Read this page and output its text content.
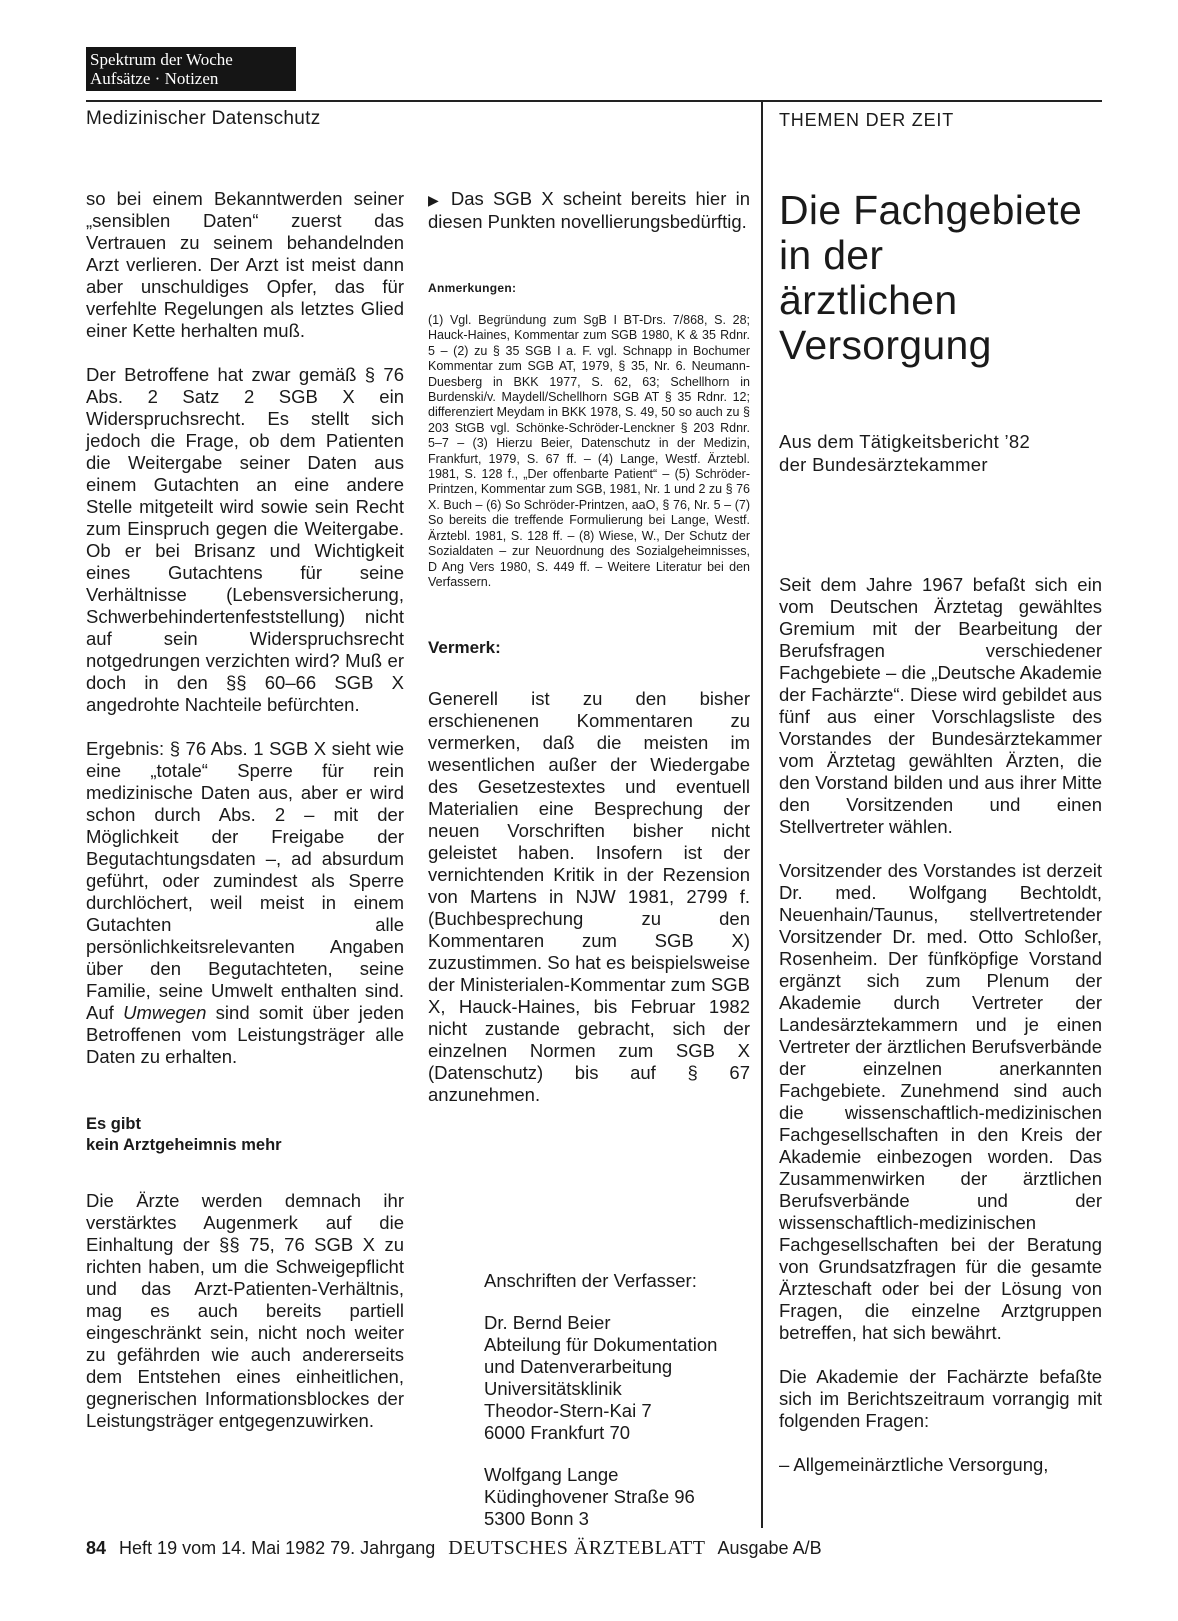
Spektrum der Woche
Aufsätze · Notizen
Medizinischer Datenschutz	THEMEN DER ZEIT

so bei einem Bekanntwerden seiner „sensiblen Daten“ zuerst das Vertrauen zu seinem behandelnden Arzt verlieren. Der Arzt ist meist dann aber unschuldiges Opfer, das für verfehlte Regelungen als letztes Glied einer Kette herhalten muß.

Der Betroffene hat zwar gemäß § 76 Abs. 2 Satz 2 SGB X ein Widerspruchsrecht. Es stellt sich jedoch die Frage, ob dem Patienten die Weitergabe seiner Daten aus einem Gutachten an eine andere Stelle mitgeteilt wird sowie sein Recht zum Einspruch gegen die Weitergabe. Ob er bei Brisanz und Wichtigkeit eines Gutachtens für seine Verhältnisse (Lebensversicherung, Schwerbehindertenfeststellung) nicht auf sein Widerspruchsrecht notgedrungen verzichten wird? Muß er doch in den §§ 60–66 SGB X angedrohte Nachteile befürchten.

Ergebnis: § 76 Abs. 1 SGB X sieht wie eine „totale“ Sperre für rein medizinische Daten aus, aber er wird schon durch Abs. 2 – mit der Möglichkeit der Freigabe der Begutachtungsdaten –, ad absurdum geführt, oder zumindest als Sperre durchlöchert, weil meist in einem Gutachten alle persönlichkeitsrelevanten Angaben über den Begutachteten, seine Familie, seine Umwelt enthalten sind. Auf Umwegen sind somit über jeden Betroffenen vom Leistungsträger alle Daten zu erhalten.

Es gibt
kein Arztgeheimnis mehr

Die Ärzte werden demnach ihr verstärktes Augenmerk auf die Einhaltung der §§ 75, 76 SGB X zu richten haben, um die Schweigepflicht und das Arzt-Patienten-Verhältnis, mag es auch bereits partiell eingeschränkt sein, nicht noch weiter zu gefährden wie auch andererseits dem Entstehen eines einheitlichen, gegnerischen Informationsblockes der Leistungsträger entgegenzuwirken.

▶ Das SGB X scheint bereits hier in diesen Punkten novellierungsbedürftig.

Anmerkungen:

(1) Vgl. Begründung zum SgB I BT-Drs. 7/868, S. 28; Hauck-Haines, Kommentar zum SGB 1980, K & 35 Rdnr. 5 – (2) zu § 35 SGB I a. F. vgl. Schnapp in Bochumer Kommentar zum SGB AT, 1979, § 35, Nr. 6. Neumann-Duesberg in BKK 1977, S. 62, 63; Schellhorn in Burdenski/v. Maydell/Schellhorn SGB AT § 35 Rdnr. 12; differenziert Meydam in BKK 1978, S. 49, 50 so auch zu § 203 StGB vgl. Schönke-Schröder-Lenckner § 203 Rdnr. 5–7 – (3) Hierzu Beier, Datenschutz in der Medizin, Frankfurt, 1979, S. 67 ff. – (4) Lange, Westf. Ärztebl. 1981, S. 128 f., „Der offenbarte Patient“ – (5) Schröder-Printzen, Kommentar zum SGB, 1981, Nr. 1 und 2 zu § 76 X. Buch – (6) So Schröder-Printzen, aaO, § 76, Nr. 5 – (7) So bereits die treffende Formulierung bei Lange, Westf. Ärztebl. 1981, S. 128 ff. – (8) Wiese, W., Der Schutz der Sozialdaten – zur Neuordnung des Sozialgeheimnisses, D Ang Vers 1980, S. 449 ff. – Weitere Literatur bei den Verfassern.

Vermerk:

Generell ist zu den bisher erschienenen Kommentaren zu vermerken, daß die meisten im wesentlichen außer der Wiedergabe des Gesetzestextes und eventuell Materialien eine Besprechung der neuen Vorschriften bisher nicht geleistet haben. Insofern ist der vernichtenden Kritik in der Rezension von Martens in NJW 1981, 2799 f. (Buchbesprechung zu den Kommentaren zum SGB X) zuzustimmen. So hat es beispielsweise der Ministerialen-Kommentar zum SGB X, Hauck-Haines, bis Februar 1982 nicht zustande gebracht, sich der einzelnen Normen zum SGB X (Datenschutz) bis auf § 67 anzunehmen.

Anschriften der Verfasser:

Dr. Bernd Beier

Abteilung für Dokumentation

und Datenverarbeitung

Universitätsklinik

Theodor-Stern-Kai 7

6000 Frankfurt 70

Wolfgang Lange

Küdinghovener Straße 96

5300 Bonn 3

Die Fachgebiete
in der
ärztlichen
Versorgung
Aus dem Tätigkeitsbericht ’82
der Bundesärztekammer

Seit dem Jahre 1967 befaßt sich ein vom Deutschen Ärztetag gewähltes Gremium mit der Bearbeitung der Berufsfragen verschiedener Fachgebiete – die „Deutsche Akademie der Fachärzte“. Diese wird gebildet aus fünf aus einer Vorschlagsliste des Vorstandes der Bundesärztekammer vom Ärztetag gewählten Ärzten, die den Vorstand bilden und aus ihrer Mitte den Vorsitzenden und einen Stellvertreter wählen.

Vorsitzender des Vorstandes ist derzeit Dr. med. Wolfgang Bechtoldt, Neuenhain/Taunus, stellvertretender Vorsitzender Dr. med. Otto Schloßer, Rosenheim. Der fünfköpfige Vorstand ergänzt sich zum Plenum der Akademie durch Vertreter der Landesärztekammern und je einen Vertreter der ärztlichen Berufsverbände der einzelnen anerkannten Fachgebiete. Zunehmend sind auch die wissenschaftlich-medizinischen Fachgesellschaften in den Kreis der Akademie einbezogen worden. Das Zusammenwirken der ärztlichen Berufsverbände und der wissenschaftlich-medizinischen Fachgesellschaften bei der Beratung von Grundsatzfragen für die gesamte Ärzteschaft oder bei der Lösung von Fragen, die einzelne Arztgruppen betreffen, hat sich bewährt.

Die Akademie der Fachärzte befaßte sich im Berichtszeitraum vorrangig mit folgenden Fragen:

– Allgemeinärztliche Versorgung,

84 Heft 19 vom 14. Mai 1982 79. Jahrgang DEUTSCHES ÄRZTEBLATT Ausgabe A/B
